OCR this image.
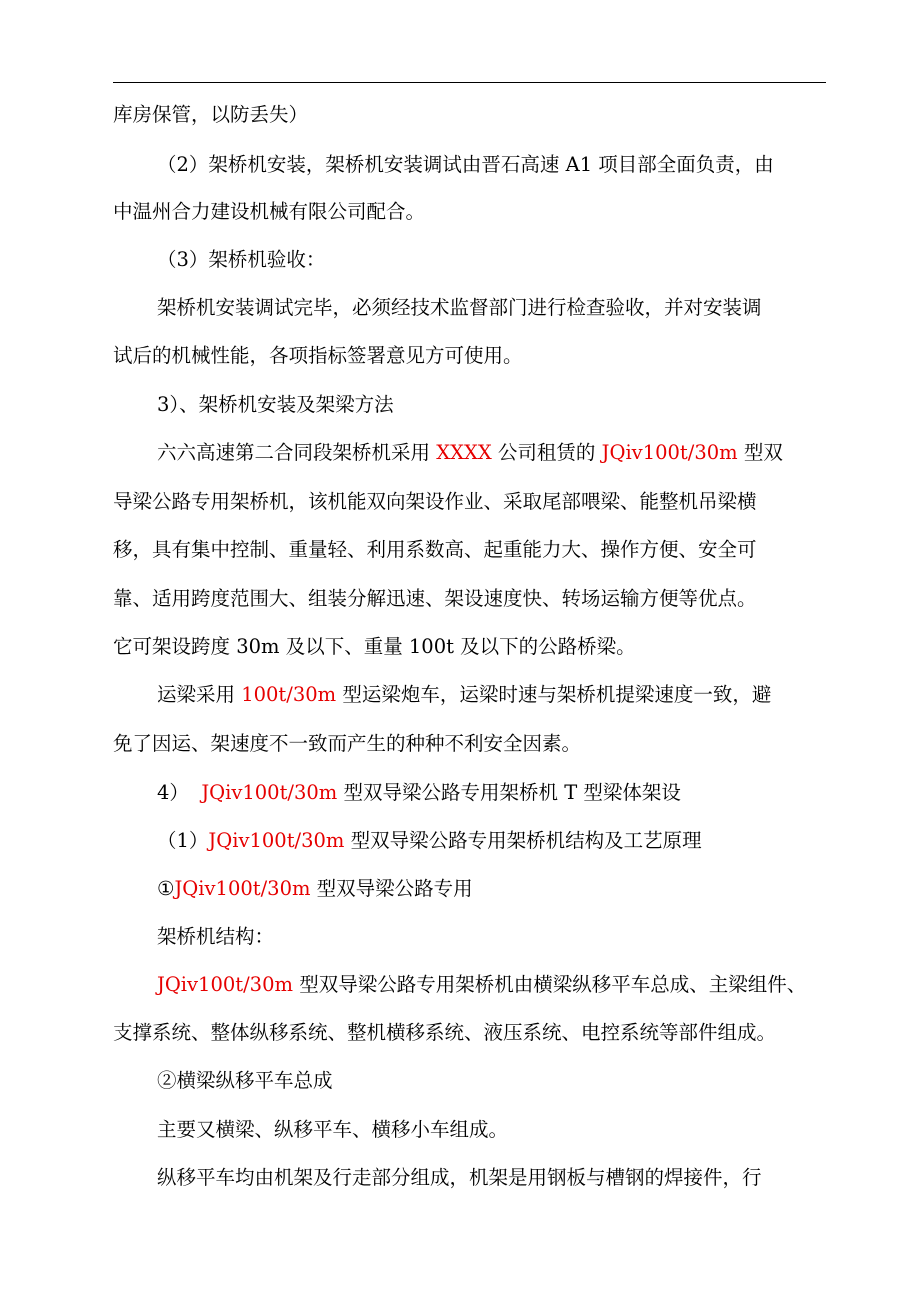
库房保管，以防丢失）
（2）架桥机安装，架桥机安装调试由晋石高速 A1 项目部全面负责，由
中温州合力建设机械有限公司配合。
（3）架桥机验收：
架桥机安装调试完毕，必须经技术监督部门进行检查验收，并对安装调
试后的机械性能，各项指标签署意见方可使用。
3）、架桥机安装及架梁方法
六六高速第二合同段架桥机采用 XXXX 公司租赁的 JQiv100t/30m 型双
导梁公路专用架桥机，该机能双向架设作业、采取尾部喂梁、能整机吊梁横
移，具有集中控制、重量轻、利用系数高、起重能力大、操作方便、安全可
靠、适用跨度范围大、组装分解迅速、架设速度快、转场运输方便等优点。
它可架设跨度 30m 及以下、重量 100t 及以下的公路桥梁。
运梁采用 100t/30m 型运梁炮车，运梁时速与架桥机提梁速度一致，避
免了因运、架速度不一致而产生的种种不利安全因素。
4）  JQiv100t/30m 型双导梁公路专用架桥机 T 型梁体架设
（1）JQiv100t/30m 型双导梁公路专用架桥机结构及工艺原理
①JQiv100t/30m 型双导梁公路专用
架桥机结构：
JQiv100t/30m 型双导梁公路专用架桥机由横梁纵移平车总成、主梁组件、
支撑系统、整体纵移系统、整机横移系统、液压系统、电控系统等部件组成。
②横梁纵移平车总成
主要又横梁、纵移平车、横移小车组成。
纵移平车均由机架及行走部分组成，机架是用钢板与槽钢的焊接件，行
